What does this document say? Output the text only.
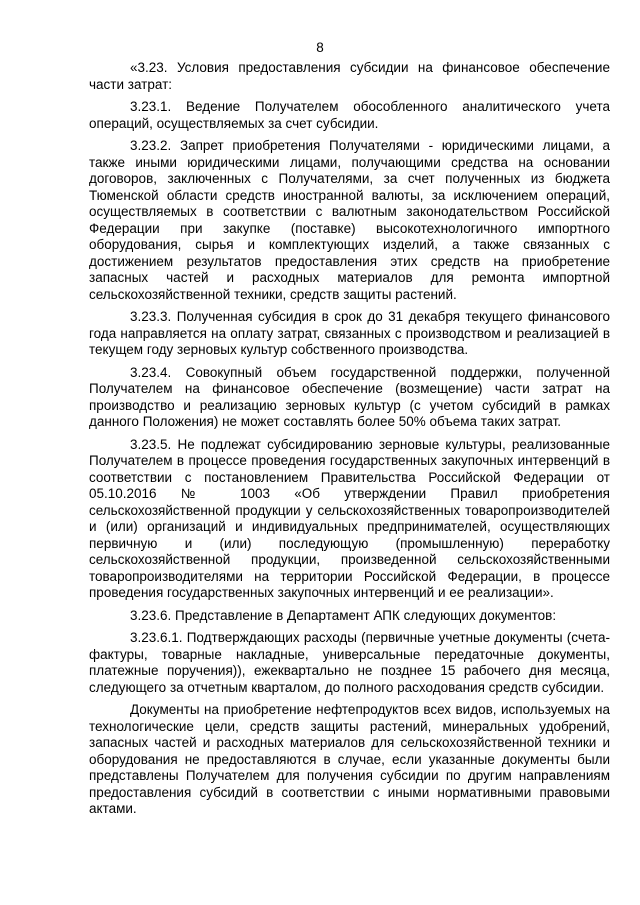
8

«3.23. Условия предоставления субсидии на финансовое обеспечение части затрат:

3.23.1. Ведение Получателем обособленного аналитического учета операций, осуществляемых за счет субсидии.

3.23.2. Запрет приобретения Получателями - юридическими лицами, а также иными юридическими лицами, получающими средства на основании договоров, заключенных с Получателями, за счет полученных из бюджета Тюменской области средств иностранной валюты, за исключением операций, осуществляемых в соответствии с валютным законодательством Российской Федерации при закупке (поставке) высокотехнологичного импортного оборудования, сырья и комплектующих изделий, а также связанных с достижением результатов предоставления этих средств на приобретение запасных частей и расходных материалов для ремонта импортной сельскохозяйственной техники, средств защиты растений.

3.23.3. Полученная субсидия в срок до 31 декабря текущего финансового года направляется на оплату затрат, связанных с производством и реализацией в текущем году зерновых культур собственного производства.

3.23.4. Совокупный объем государственной поддержки, полученной Получателем на финансовое обеспечение (возмещение) части затрат на производство и реализацию зерновых культур (с учетом субсидий в рамках данного Положения) не может составлять более 50% объема таких затрат.

3.23.5. Не подлежат субсидированию зерновые культуры, реализованные Получателем в процессе проведения государственных закупочных интервенций в соответствии с постановлением Правительства Российской Федерации от 05.10.2016 № 1003 «Об утверждении Правил приобретения сельскохозяйственной продукции у сельскохозяйственных товаропроизводителей и (или) организаций и индивидуальных предпринимателей, осуществляющих первичную и (или) последующую (промышленную) переработку сельскохозяйственной продукции, произведенной сельскохозяйственными товаропроизводителями на территории Российской Федерации, в процессе проведения государственных закупочных интервенций и ее реализации».

3.23.6. Представление в Департамент АПК следующих документов:

3.23.6.1. Подтверждающих расходы (первичные учетные документы (счета-фактуры, товарные накладные, универсальные передаточные документы, платежные поручения)), ежеквартально не позднее 15 рабочего дня месяца, следующего за отчетным кварталом, до полного расходования средств субсидии.

Документы на приобретение нефтепродуктов всех видов, используемых на технологические цели, средств защиты растений, минеральных удобрений, запасных частей и расходных материалов для сельскохозяйственной техники и оборудования не предоставляются в случае, если указанные документы были представлены Получателем для получения субсидии по другим направлениям предоставления субсидий в соответствии с иными нормативными правовыми актами.
